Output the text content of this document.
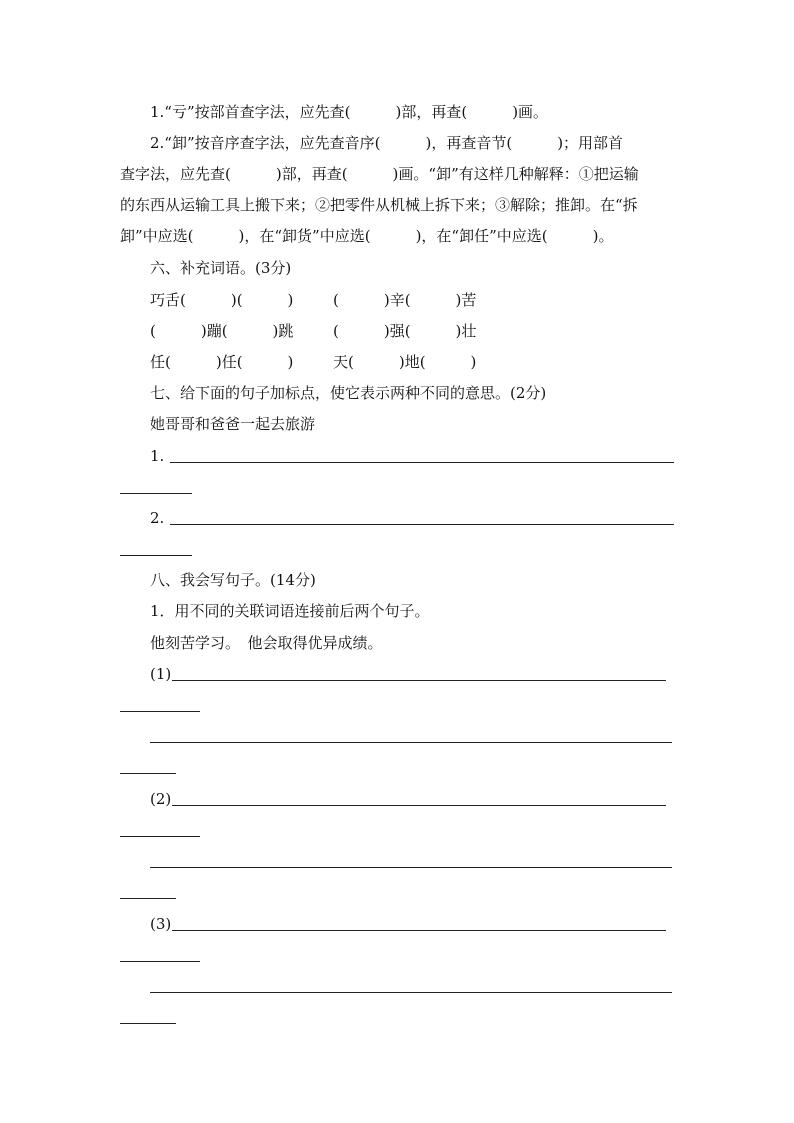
1.“亏”按部首查字法，应先查(　　　)部，再查(　　　)画。
2.“卸”按音序查字法，应先查音序(　　　)，再查音节(　　　)；用部首
查字法，应先查(　　　)部，再查(　　　)画。“卸”有这样几种解释：①把运输
的东西从运输工具上搬下来；②把零件从机械上拆下来；③解除；推卸。在“拆
卸”中应选(　　　)，在“卸货”中应选(　　　)，在“卸任”中应选(　　　)。
六、补充词语。(3分)
巧舌(　　　)(　　　)	(　　　)辛(　　　)苦
(　　　)蹦(　　　)跳	(　　　)强(　　　)壮
任(　　　)任(　　　)	天(　　　)地(　　　)
七、给下面的句子加标点，使它表示两种不同的意思。(2分)
她哥哥和爸爸一起去旅游
1.
2.
八、我会写句子。(14分)
1．用不同的关联词语连接前后两个句子。
他刻苦学习。　他会取得优异成绩。
(1)
(2)
(3)
